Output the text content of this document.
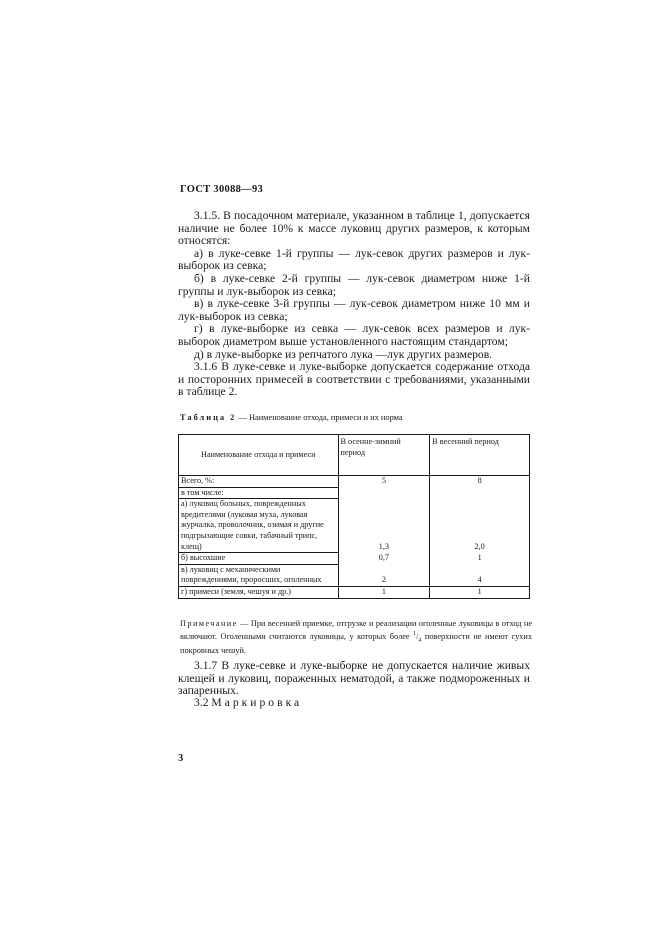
ГОСТ 30088—93

3.1.5. В посадочном материале, указанном в таблице 1, допускается наличие не более 10% к массе луковиц других размеров, к которым относятся:

а) в луке-севке 1-й группы — лук-севок других размеров и лук-выборок из севка;

б) в луке-севке 2-й группы — лук-севок диаметром ниже 1-й группы и лук-выборок из севка;

в) в луке-севке 3-й группы — лук-севок диаметром ниже 10 мм и лук-выборок из севка;

г) в луке-выборке из севка — лук-севок всех размеров и лук-выборок диаметром выше установленного настоящим стандартом;

д) в луке-выборке из репчатого лука —лук других размеров.

3.1.6 В луке-севке и луке-выборке допускается содержание отхода и посторонних примесей в соответствии с требованиями, указанными в таблице 2.

Таблица 2 — Наименование отхода, примеси и их норма
Наименование отхода и примеси	В осенне-зимний период	В весенний период
Всего, %:	5	8
в том числе:		
а) луковиц больных, поврежденных вредителями (луковая муха, луковая журчалка, проволочник, озимая и другие подгрызающие совки, табачный трипс, клещ)	1,3	2,0
б) высохшие	0,7	1
в) луковиц с механическими повреждениями, проросших, оголенных	2	4
г) примеси (земля, чешуя и др.)	1	1
Примечание — При весенней приемке, отгрузке и реализации оголенные луковицы в отход не включают. Оголенными считаются луковицы, у которых более $^1/_4$ поверхности не имеют сухих покровных чешуй.

3.1.7 В луке-севке и луке-выборке не допускается наличие живых клещей и луковиц, пораженных нематодой, а также подмороженных и запаренных.

3.2 Маркировка
3
